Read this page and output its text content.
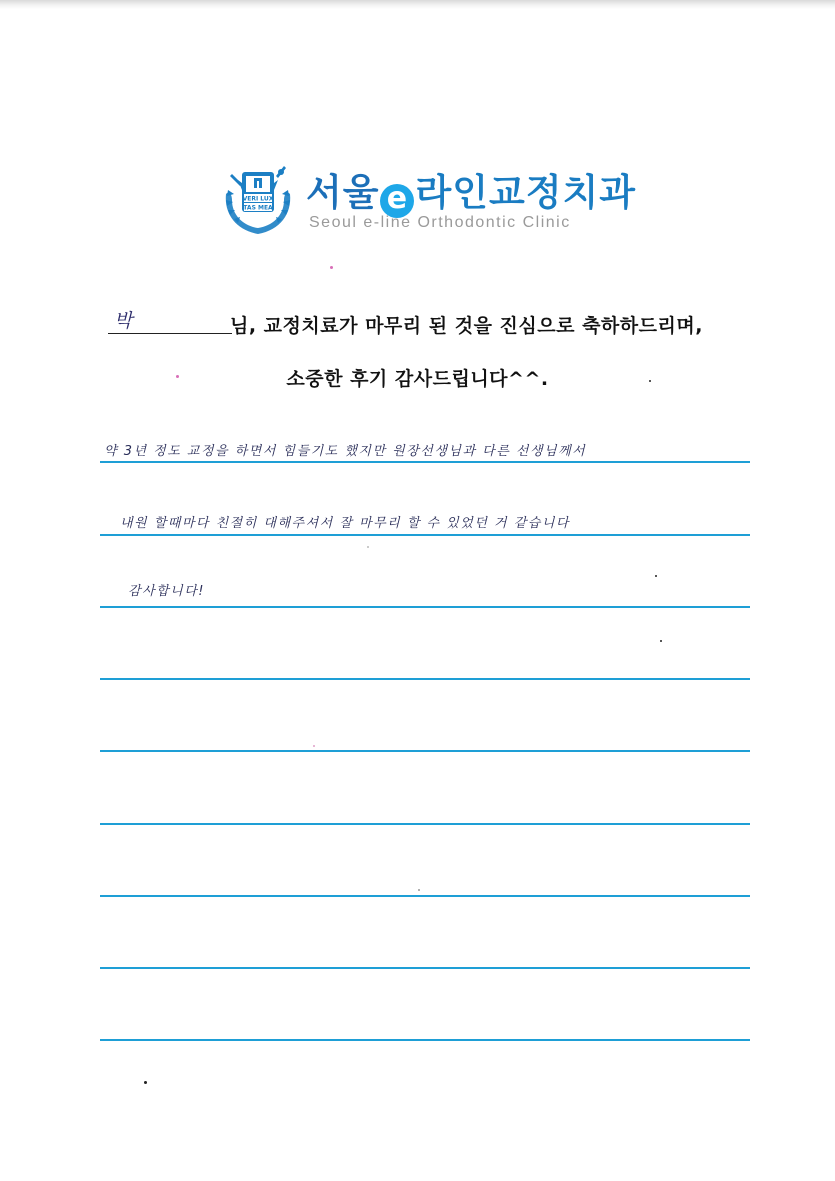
VERI LUX
TAS MEA 서울 e 라인교정치과
Seoul e-line Orthodontic Clinic
박	님, 교정치료가 마무리 된 것을 진심으로 축하하드리며,
소중한 후기 감사드립니다^^.
약 3년 정도 교정을 하면서 힘들기도 했지만 원장선생님과 다른 선생님께서
내원 할때마다 친절히 대해주셔서 잘 마무리 할 수 있었던 거 같습니다
감사합니다!
